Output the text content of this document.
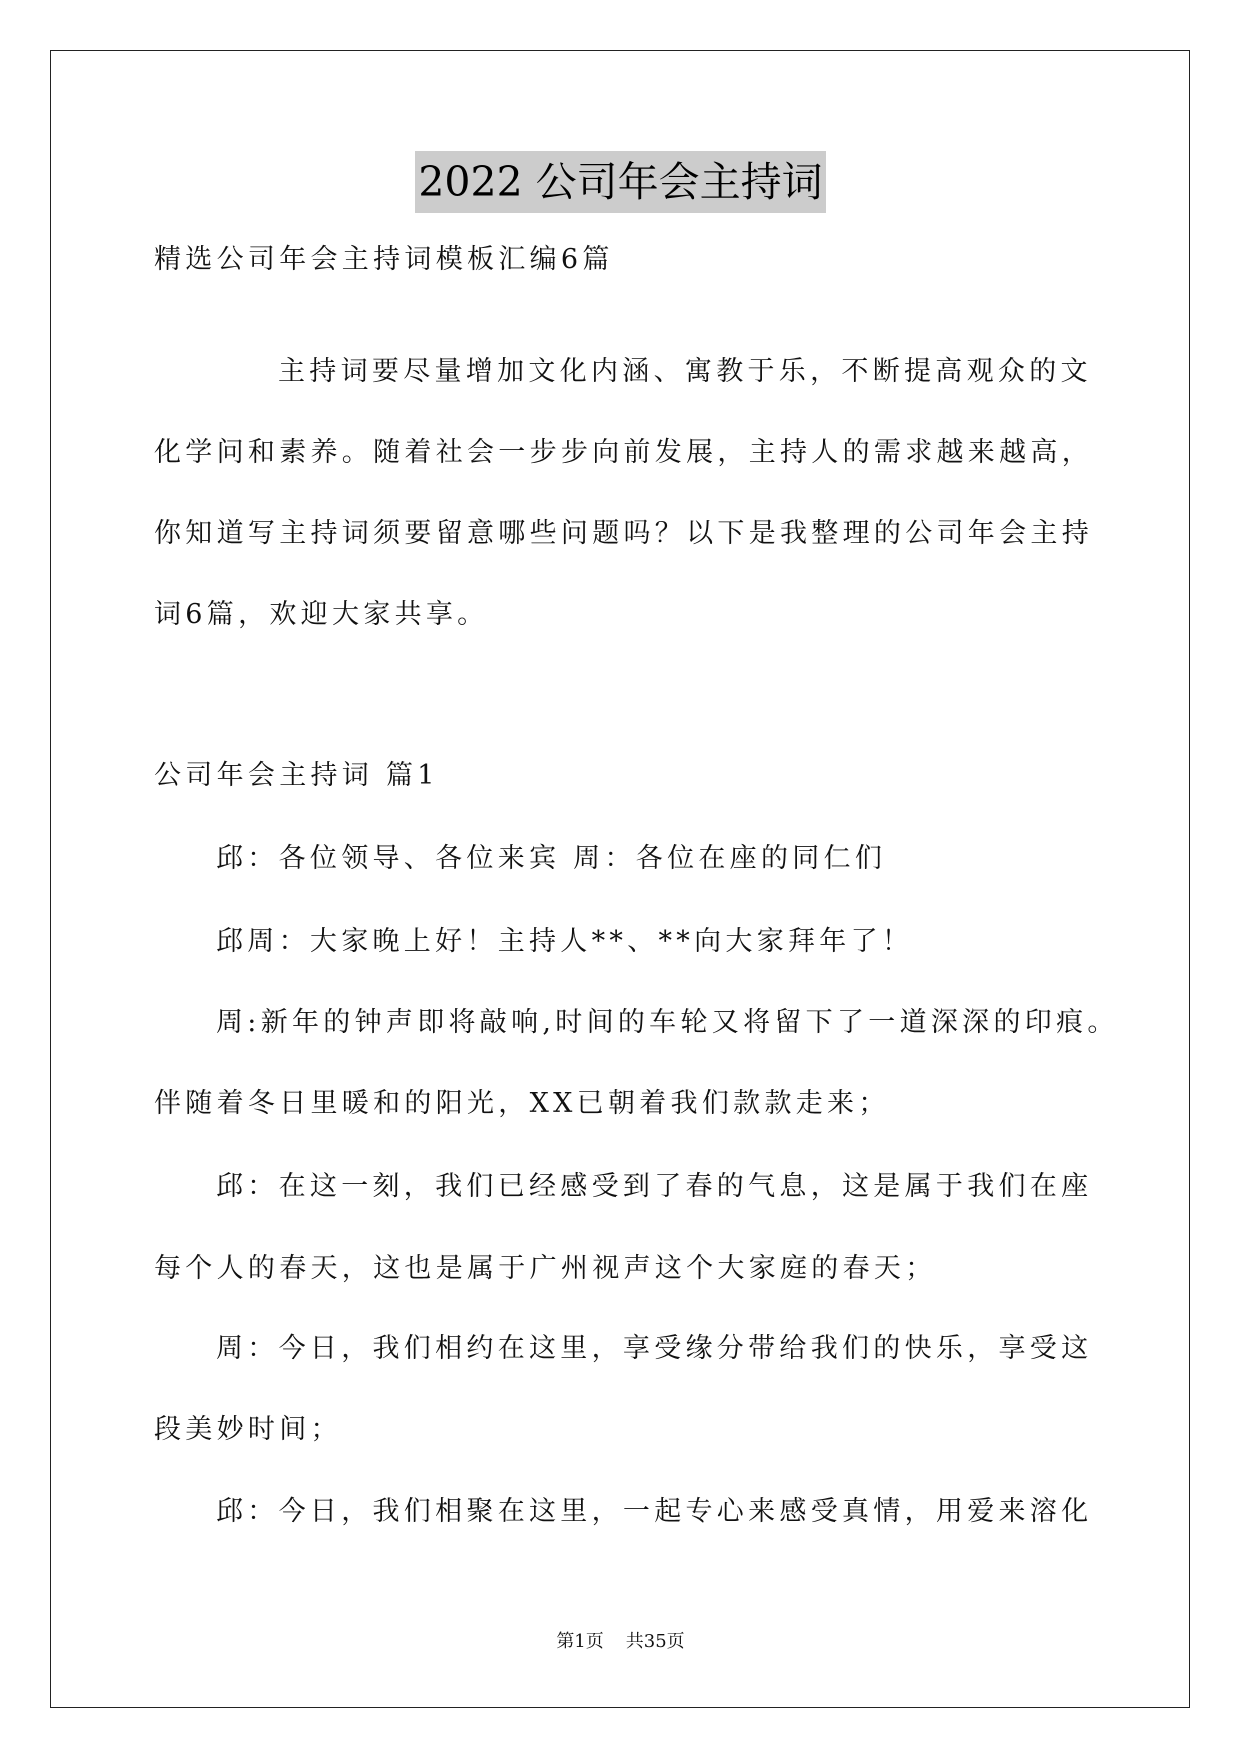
2022 公司年会主持词
精选公司年会主持词模板汇编6篇
主持词要尽量增加文化内涵、寓教于乐，不断提高观众的文
化学问和素养。随着社会一步步向前发展，主持人的需求越来越高，
你知道写主持词须要留意哪些问题吗？以下是我整理的公司年会主持
词6篇，欢迎大家共享。
公司年会主持词 篇1
邱：各位领导、各位来宾 周：各位在座的同仁们
邱周：大家晚上好！主持人**、**向大家拜年了！
周:新年的钟声即将敲响,时间的车轮又将留下了一道深深的印痕。
伴随着冬日里暖和的阳光，XX已朝着我们款款走来；
邱：在这一刻，我们已经感受到了春的气息，这是属于我们在座
每个人的春天，这也是属于广州视声这个大家庭的春天；
周：今日，我们相约在这里，享受缘分带给我们的快乐，享受这
段美妙时间；
邱：今日，我们相聚在这里，一起专心来感受真情，用爱来溶化
第1页 共35页
